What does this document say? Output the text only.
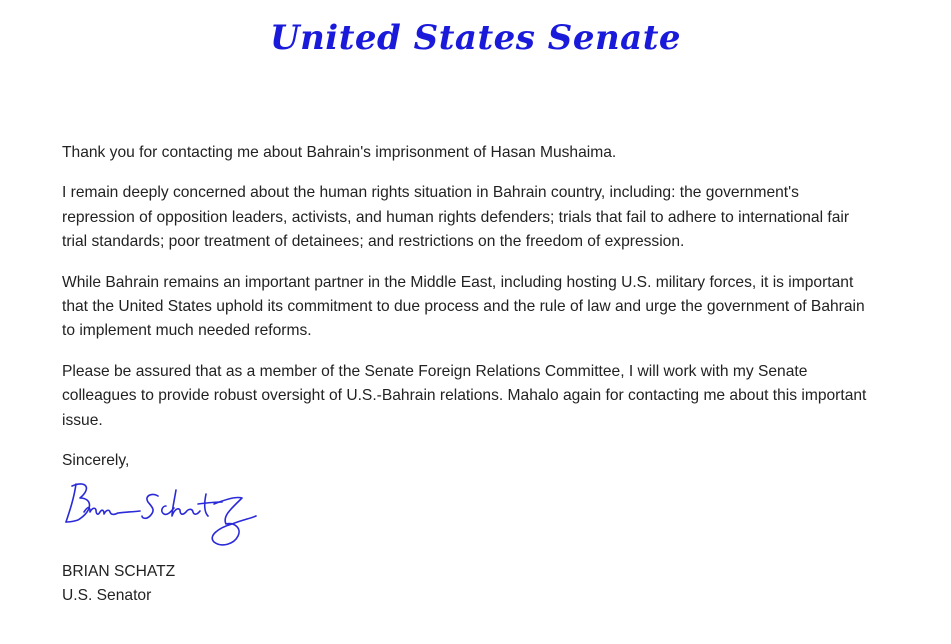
United States Senate

Thank you for contacting me about Bahrain's imprisonment of Hasan Mushaima.

I remain deeply concerned about the human rights situation in Bahrain country, including: the government's repression of opposition leaders, activists, and human rights defenders; trials that fail to adhere to international fair trial standards; poor treatment of detainees; and restrictions on the freedom of expression.

While Bahrain remains an important partner in the Middle East, including hosting U.S. military forces, it is important that the United States uphold its commitment to due process and the rule of law and urge the government of Bahrain to implement much needed reforms.

Please be assured that as a member of the Senate Foreign Relations Committee, I will work with my Senate colleagues to provide robust oversight of U.S.-Bahrain relations. Mahalo again for contacting me about this important issue.

Sincerely,

BRIAN SCHATZ
U.S. Senator
